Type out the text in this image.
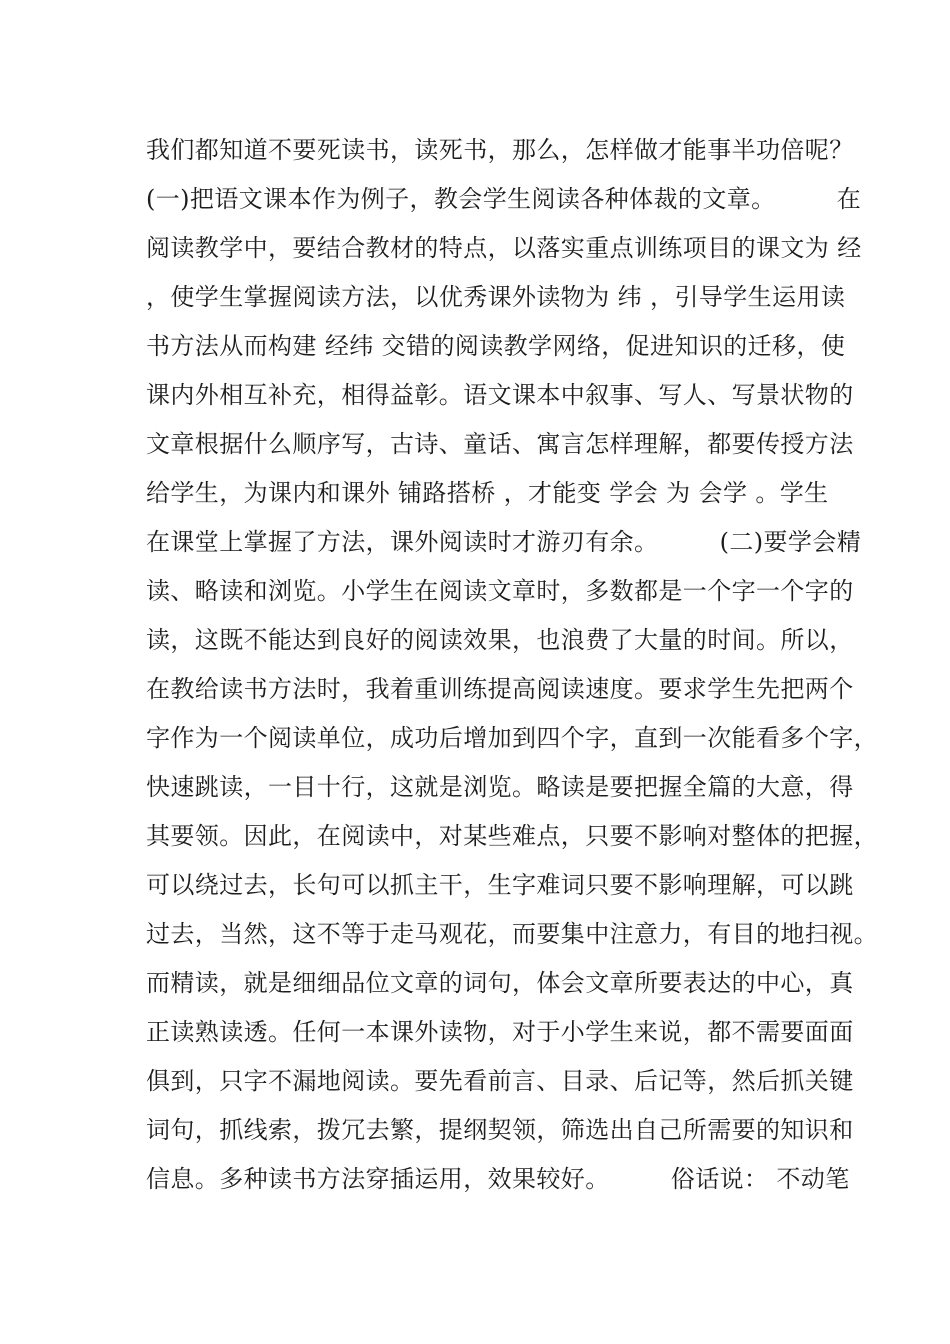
我们都知道不要死读书，读死书，那么，怎样做才能事半功倍呢？
(一)把语文课本作为例子，教会学生阅读各种体裁的文章。　　　在
阅读教学中，要结合教材的特点，以落实重点训练项目的课文为 经
，使学生掌握阅读方法，以优秀课外读物为 纬 ，引导学生运用读
书方法从而构建 经纬 交错的阅读教学网络，促进知识的迁移，使
课内外相互补充，相得益彰。语文课本中叙事、写人、写景状物的
文章根据什么顺序写，古诗、童话、寓言怎样理解，都要传授方法
给学生，为课内和课外 铺路搭桥 ，才能变 学会 为 会学 。学生
在课堂上掌握了方法，课外阅读时才游刃有余。　　　(二)要学会精
读、略读和浏览。小学生在阅读文章时，多数都是一个字一个字的
读，这既不能达到良好的阅读效果，也浪费了大量的时间。所以，
在教给读书方法时，我着重训练提高阅读速度。要求学生先把两个
字作为一个阅读单位，成功后增加到四个字，直到一次能看多个字，
快速跳读，一目十行，这就是浏览。略读是要把握全篇的大意，得
其要领。因此，在阅读中，对某些难点，只要不影响对整体的把握，
可以绕过去，长句可以抓主干，生字难词只要不影响理解，可以跳
过去，当然，这不等于走马观花，而要集中注意力，有目的地扫视。
而精读，就是细细品位文章的词句，体会文章所要表达的中心，真
正读熟读透。任何一本课外读物，对于小学生来说，都不需要面面
俱到，只字不漏地阅读。要先看前言、目录、后记等，然后抓关键
词句，抓线索，拨冗去繁，提纲契领，筛选出自己所需要的知识和
信息。多种读书方法穿插运用，效果较好。　　　俗话说： 不动笔
